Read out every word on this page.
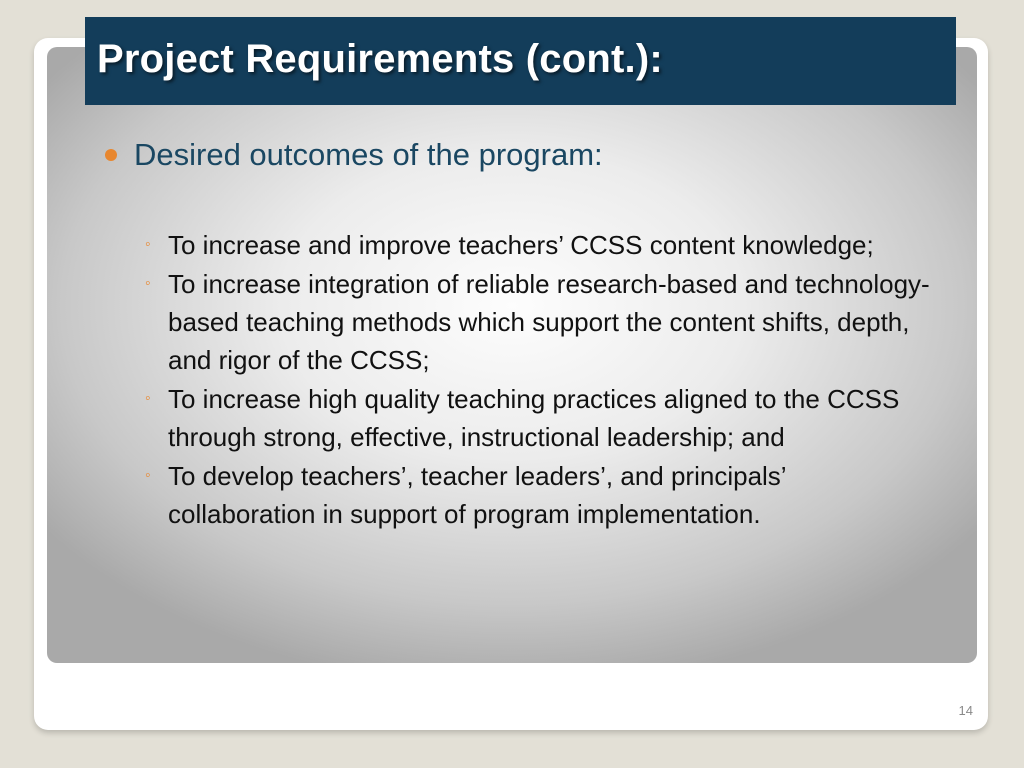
Project Requirements (cont.):
Desired outcomes of the program:
◦ To increase and improve teachers’ CCSS content knowledge;
◦ To increase integration of reliable research-based and technology-based teaching methods which support the content shifts, depth, and rigor of the CCSS;
◦ To increase high quality teaching practices aligned to the CCSS through strong, effective, instructional leadership; and
◦ To develop teachers’, teacher leaders’, and principals’ collaboration in support of program implementation.
14
